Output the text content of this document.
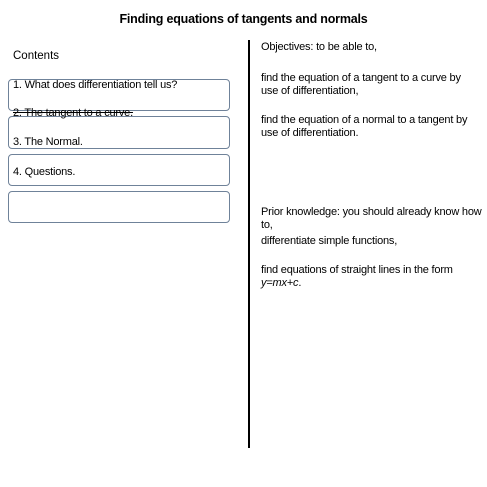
Finding equations of tangents and normals
Contents
1. What does differentiation tell us?
2. The tangent to a curve.
3. The Normal.
4. Questions.
Objectives: to be able to,
find the equation of a tangent to a curve by use of differentiation,
find the equation of a normal to a tangent by use of differentiation.
Prior knowledge: you should already know how to,
differentiate simple functions,
find equations of straight lines in the form y=mx+c.
